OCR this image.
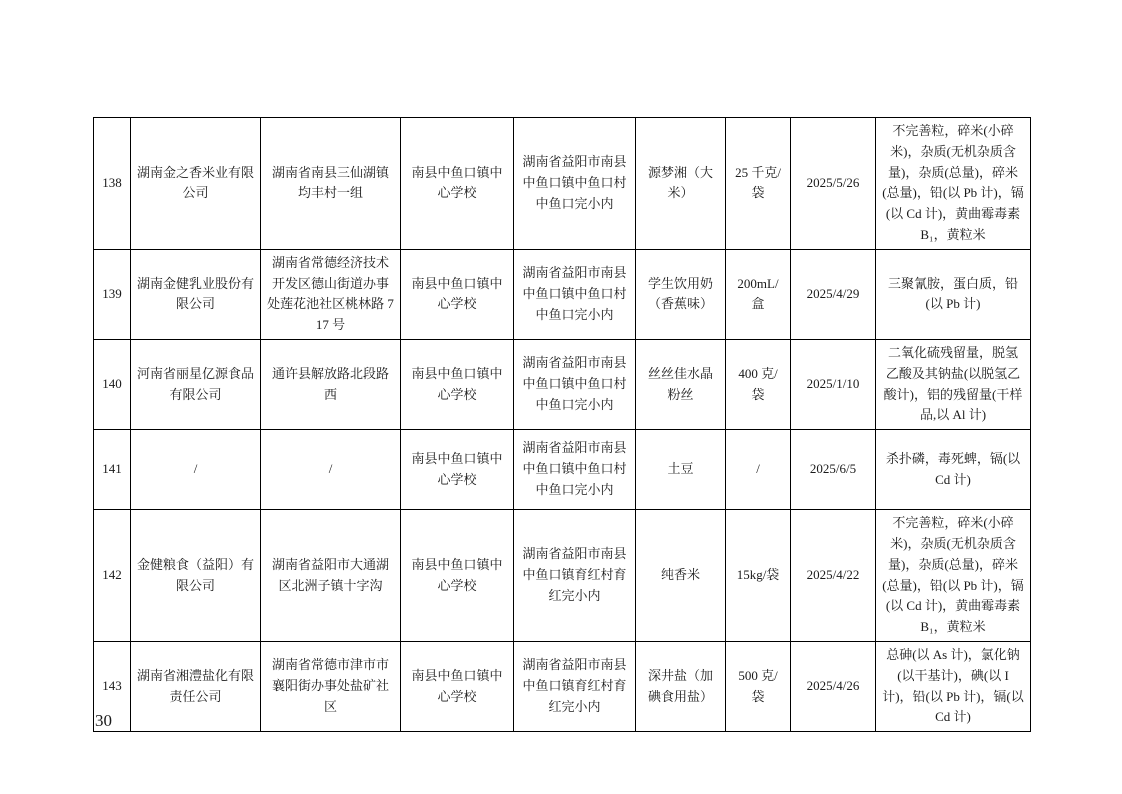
138	湖南金之香米业有限公司	湖南省南县三仙湖镇均丰村一组	南县中鱼口镇中心学校	湖南省益阳市南县中鱼口镇中鱼口村中鱼口完小内	源梦湘（大米）	25 千克/袋	2025/5/26	不完善粒，碎米(小碎米)，杂质(无机杂质含量)，杂质(总量)，碎米(总量)，铅(以 Pb 计)，镉(以 Cd 计)，黄曲霉毒素 B₁，黄粒米
139	湖南金健乳业股份有限公司	湖南省常德经济技术开发区德山街道办事处莲花池社区桃林路 717 号	南县中鱼口镇中心学校	湖南省益阳市南县中鱼口镇中鱼口村中鱼口完小内	学生饮用奶（香蕉味）	200mL/盒	2025/4/29	三聚氰胺，蛋白质，铅(以 Pb 计)
140	河南省丽星亿源食品有限公司	通许县解放路北段路西	南县中鱼口镇中心学校	湖南省益阳市南县中鱼口镇中鱼口村中鱼口完小内	丝丝佳水晶粉丝	400 克/袋	2025/1/10	二氧化硫残留量，脱氢乙酸及其钠盐(以脱氢乙酸计)，铝的残留量(干样品,以 Al 计)
141	/	/	南县中鱼口镇中心学校	湖南省益阳市南县中鱼口镇中鱼口村中鱼口完小内	土豆	/	2025/6/5	杀扑磷，毒死蜱，镉(以 Cd 计)
142	金健粮食（益阳）有限公司	湖南省益阳市大通湖区北洲子镇十字沟	南县中鱼口镇中心学校	湖南省益阳市南县中鱼口镇育红村育红完小内	纯香米	15kg/袋	2025/4/22	不完善粒，碎米(小碎米)，杂质(无机杂质含量)，杂质(总量)，碎米(总量)，铅(以 Pb 计)，镉(以 Cd 计)，黄曲霉毒素 B₁，黄粒米
143	湖南省湘澧盐化有限责任公司	湖南省常德市津市市襄阳街办事处盐矿社区	南县中鱼口镇中心学校	湖南省益阳市南县中鱼口镇育红村育红完小内	深井盐（加碘食用盐）	500 克/袋	2025/4/26	总砷(以 As 计)，氯化钠(以干基计)，碘(以 I 计)，铅(以 Pb 计)，镉(以 Cd 计)
30
